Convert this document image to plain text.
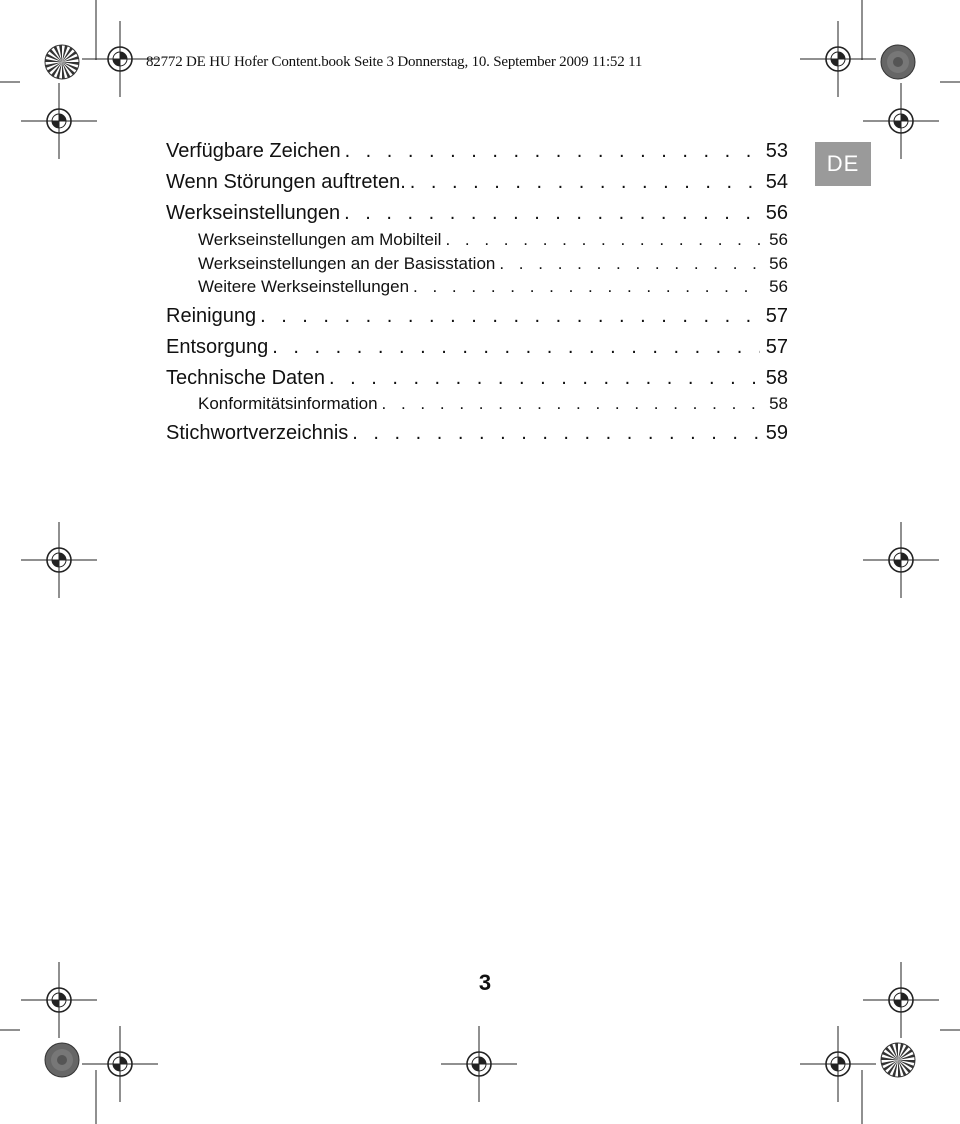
82772 DE HU Hofer Content.book Seite 3 Donnerstag, 10. September 2009 11:52 11
Verfügbare Zeichen . . .	53
Wenn Störungen auftreten. . . .	54
Werkseinstellungen . . .	56
Werkseinstellungen am Mobilteil . . .	56
Werkseinstellungen an der Basisstation . . .	56
Weitere Werkseinstellungen . . .	56
Reinigung . . .	57
Entsorgung . . .	57
Technische Daten . . .	58
Konformitätsinformation . . .	58
Stichwortverzeichnis . . .	59
DE
3
